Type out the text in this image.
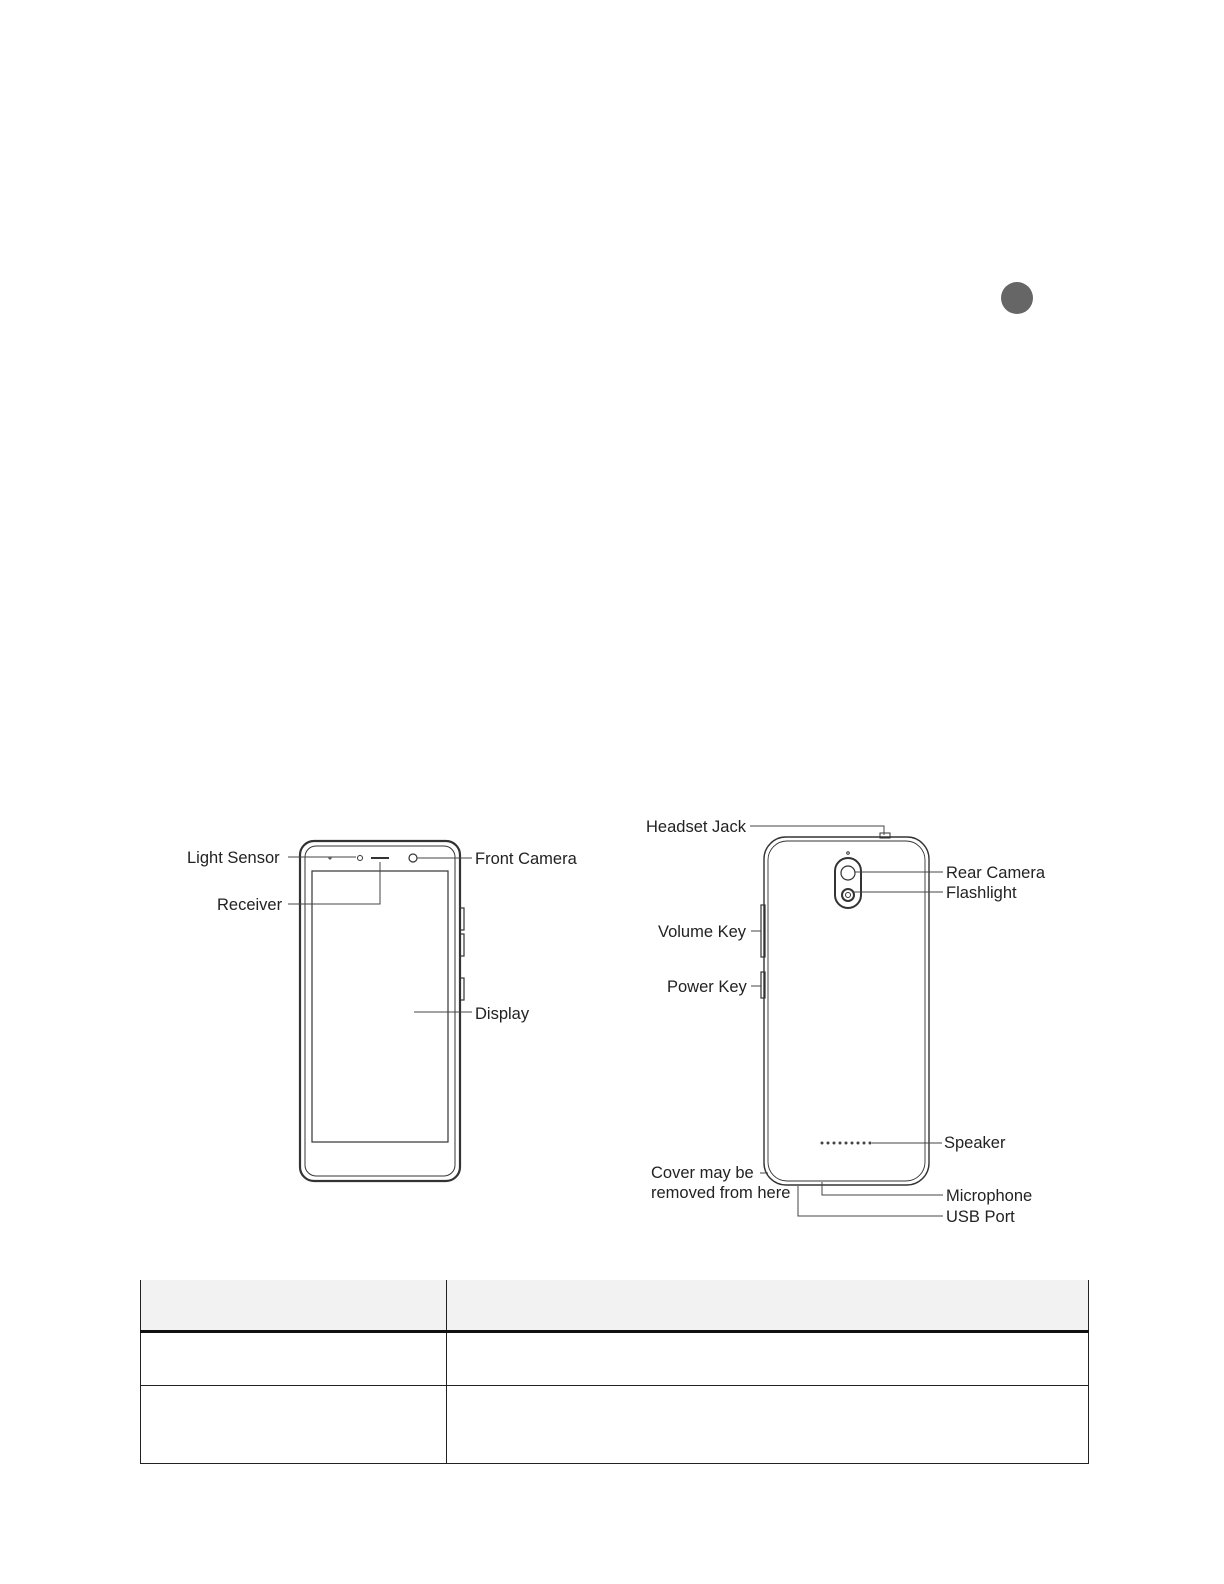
Light Sensor
Receiver
Front Camera
Display
Headset Jack
Rear Camera
Flashlight
Volume Key
Power Key
Speaker
Cover may be
removed from here	Microphone
USB Port
